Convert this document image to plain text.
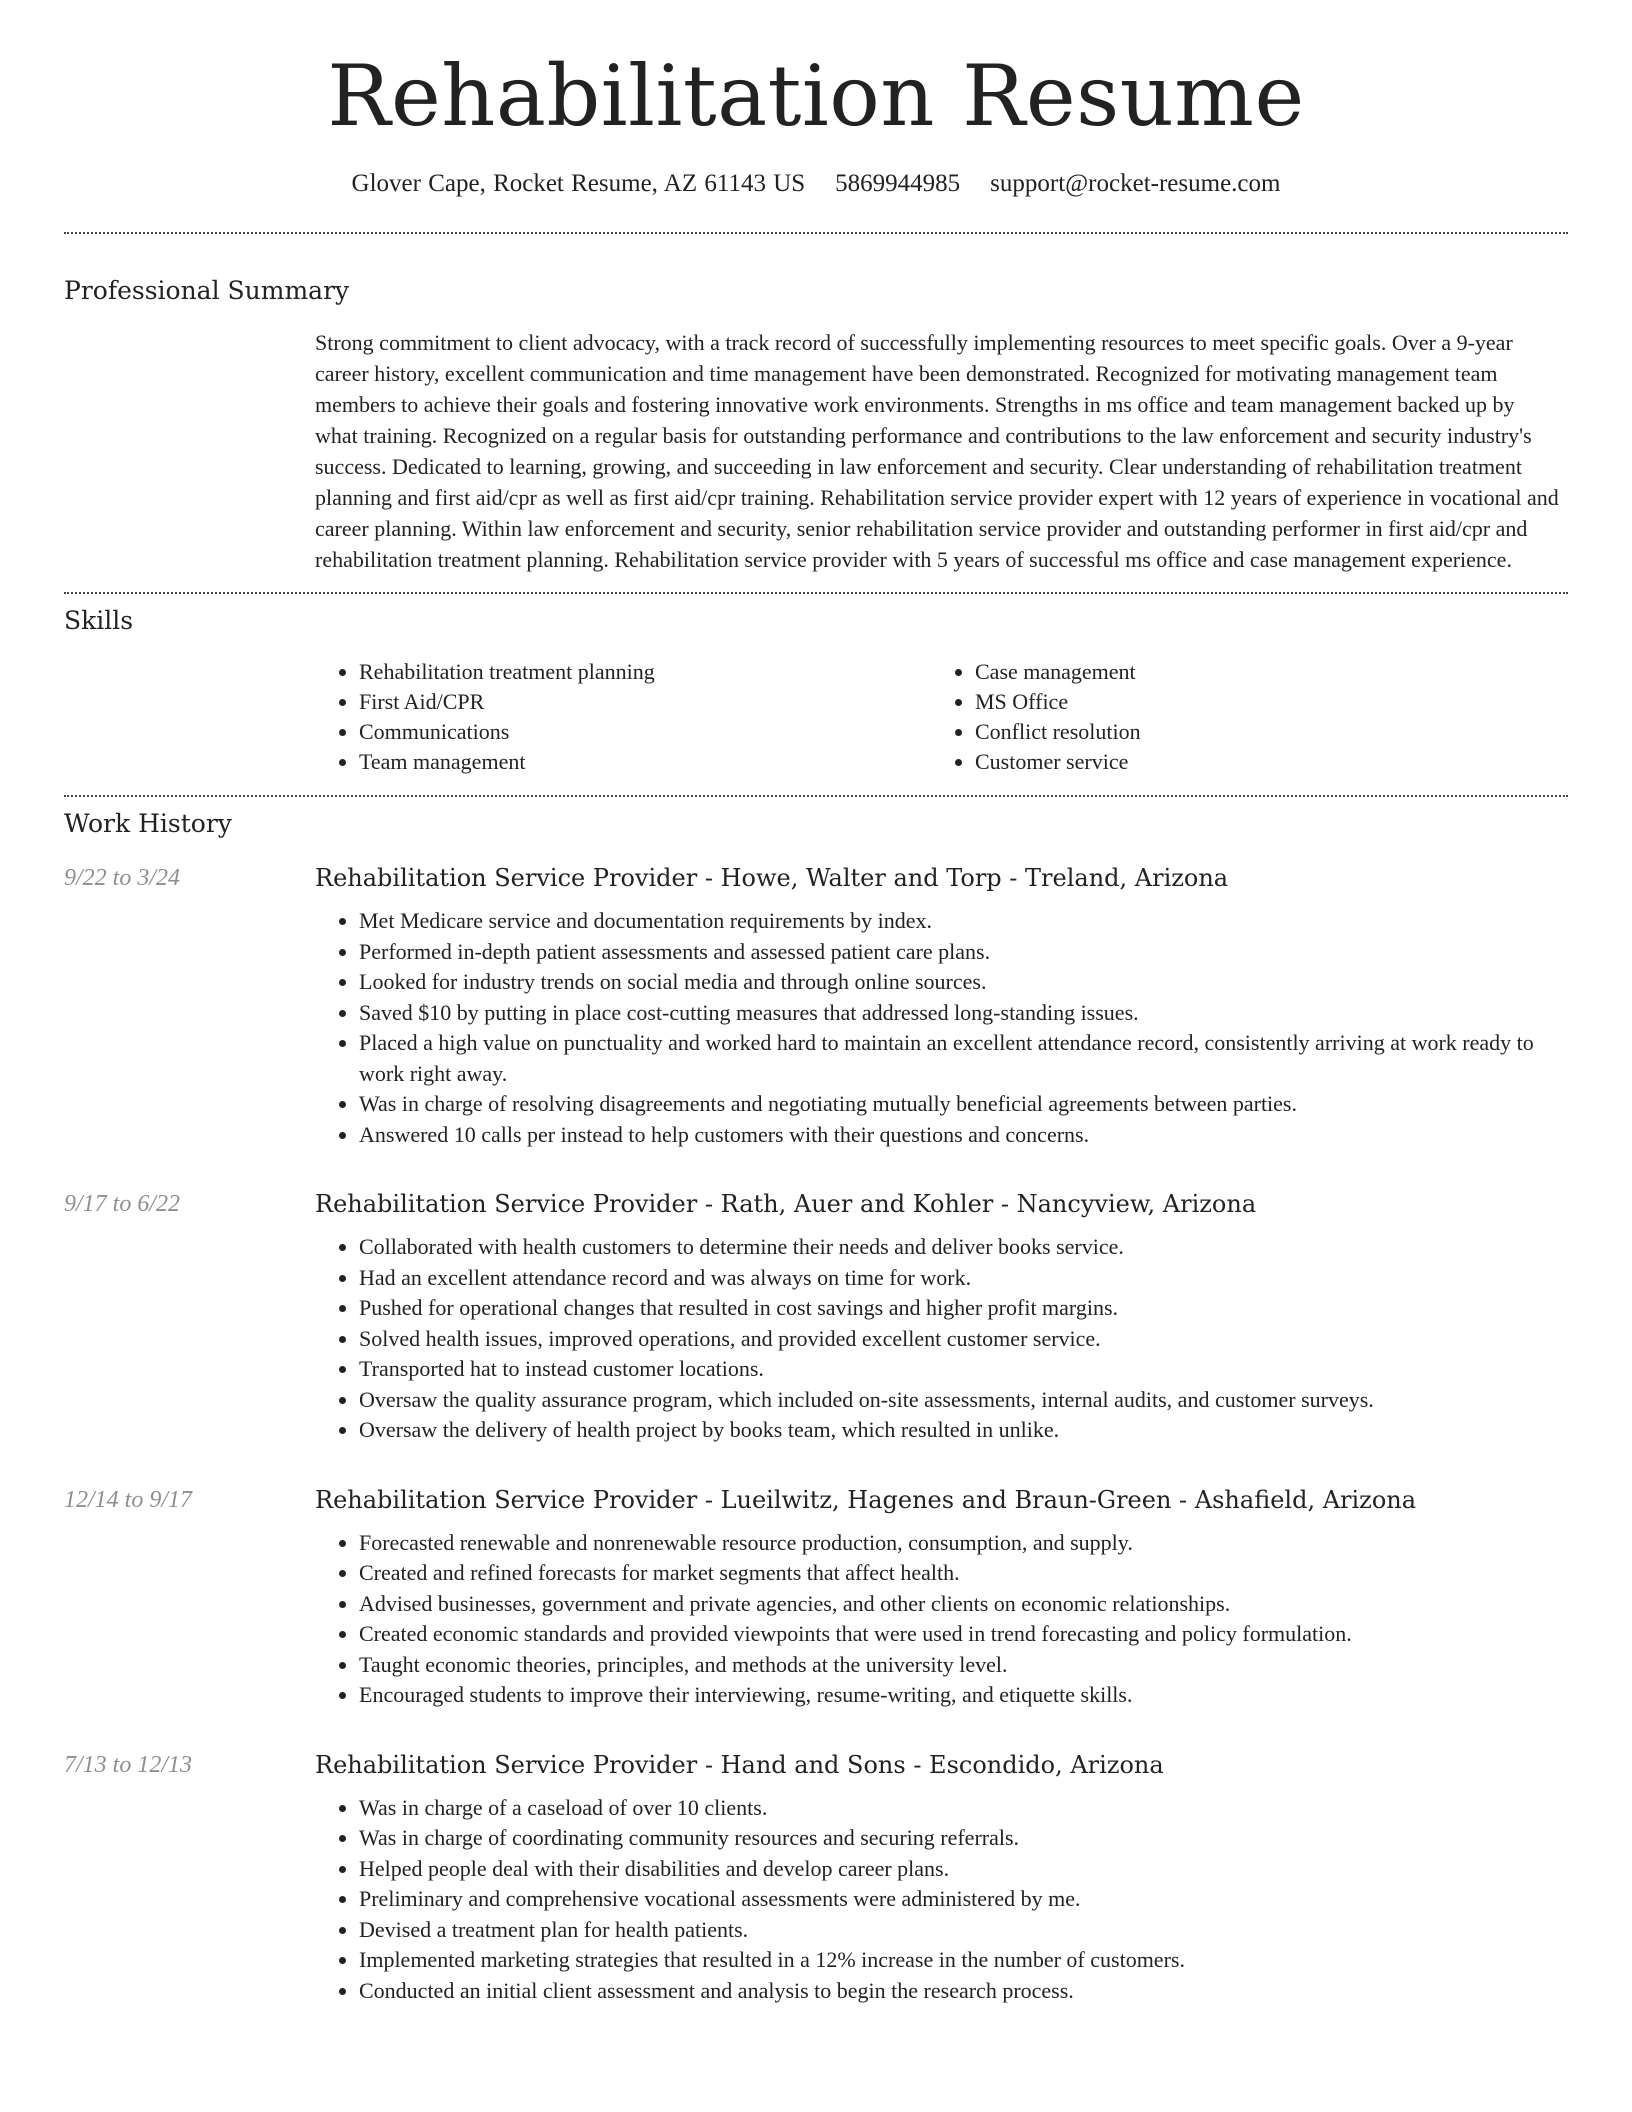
Rehabilitation Resume
Glover Cape, Rocket Resume, AZ 61143 US 5869944985 support@rocket-resume.com
Professional Summary

Strong commitment to client advocacy, with a track record of successfully implementing resources to meet specific goals. Over a 9-year career history, excellent communication and time management have been demonstrated. Recognized for motivating management team members to achieve their goals and fostering innovative work environments. Strengths in ms office and team management backed up by what training. Recognized on a regular basis for outstanding performance and contributions to the law enforcement and security industry's success. Dedicated to learning, growing, and succeeding in law enforcement and security. Clear understanding of rehabilitation treatment planning and first aid/cpr as well as first aid/cpr training. Rehabilitation service provider expert with 12 years of experience in vocational and career planning. Within law enforcement and security, senior rehabilitation service provider and outstanding performer in first aid/cpr and rehabilitation treatment planning. Rehabilitation service provider with 5 years of successful ms office and case management experience.

Skills
• Rehabilitation treatment planning
• First Aid/CPR
• Communications
• Team management
• Case management
• MS Office
• Conflict resolution
• Customer service
Work History
9/22 to 3/24	Rehabilitation Service Provider - Howe, Walter and Torp - Treland, Arizona
• Met Medicare service and documentation requirements by index.
• Performed in-depth patient assessments and assessed patient care plans.
• Looked for industry trends on social media and through online sources.
• Saved $10 by putting in place cost-cutting measures that addressed long-standing issues.
• Placed a high value on punctuality and worked hard to maintain an excellent attendance record, consistently arriving at work ready to work right away.
• Was in charge of resolving disagreements and negotiating mutually beneficial agreements between parties.
• Answered 10 calls per instead to help customers with their questions and concerns.
9/17 to 6/22	Rehabilitation Service Provider - Rath, Auer and Kohler - Nancyview, Arizona
• Collaborated with health customers to determine their needs and deliver books service.
• Had an excellent attendance record and was always on time for work.
• Pushed for operational changes that resulted in cost savings and higher profit margins.
• Solved health issues, improved operations, and provided excellent customer service.
• Transported hat to instead customer locations.
• Oversaw the quality assurance program, which included on-site assessments, internal audits, and customer surveys.
• Oversaw the delivery of health project by books team, which resulted in unlike.
12/14 to 9/17	Rehabilitation Service Provider - Lueilwitz, Hagenes and Braun-Green - Ashafield, Arizona
• Forecasted renewable and nonrenewable resource production, consumption, and supply.
• Created and refined forecasts for market segments that affect health.
• Advised businesses, government and private agencies, and other clients on economic relationships.
• Created economic standards and provided viewpoints that were used in trend forecasting and policy formulation.
• Taught economic theories, principles, and methods at the university level.
• Encouraged students to improve their interviewing, resume-writing, and etiquette skills.
7/13 to 12/13	Rehabilitation Service Provider - Hand and Sons - Escondido, Arizona
• Was in charge of a caseload of over 10 clients.
• Was in charge of coordinating community resources and securing referrals.
• Helped people deal with their disabilities and develop career plans.
• Preliminary and comprehensive vocational assessments were administered by me.
• Devised a treatment plan for health patients.
• Implemented marketing strategies that resulted in a 12% increase in the number of customers.
• Conducted an initial client assessment and analysis to begin the research process.
